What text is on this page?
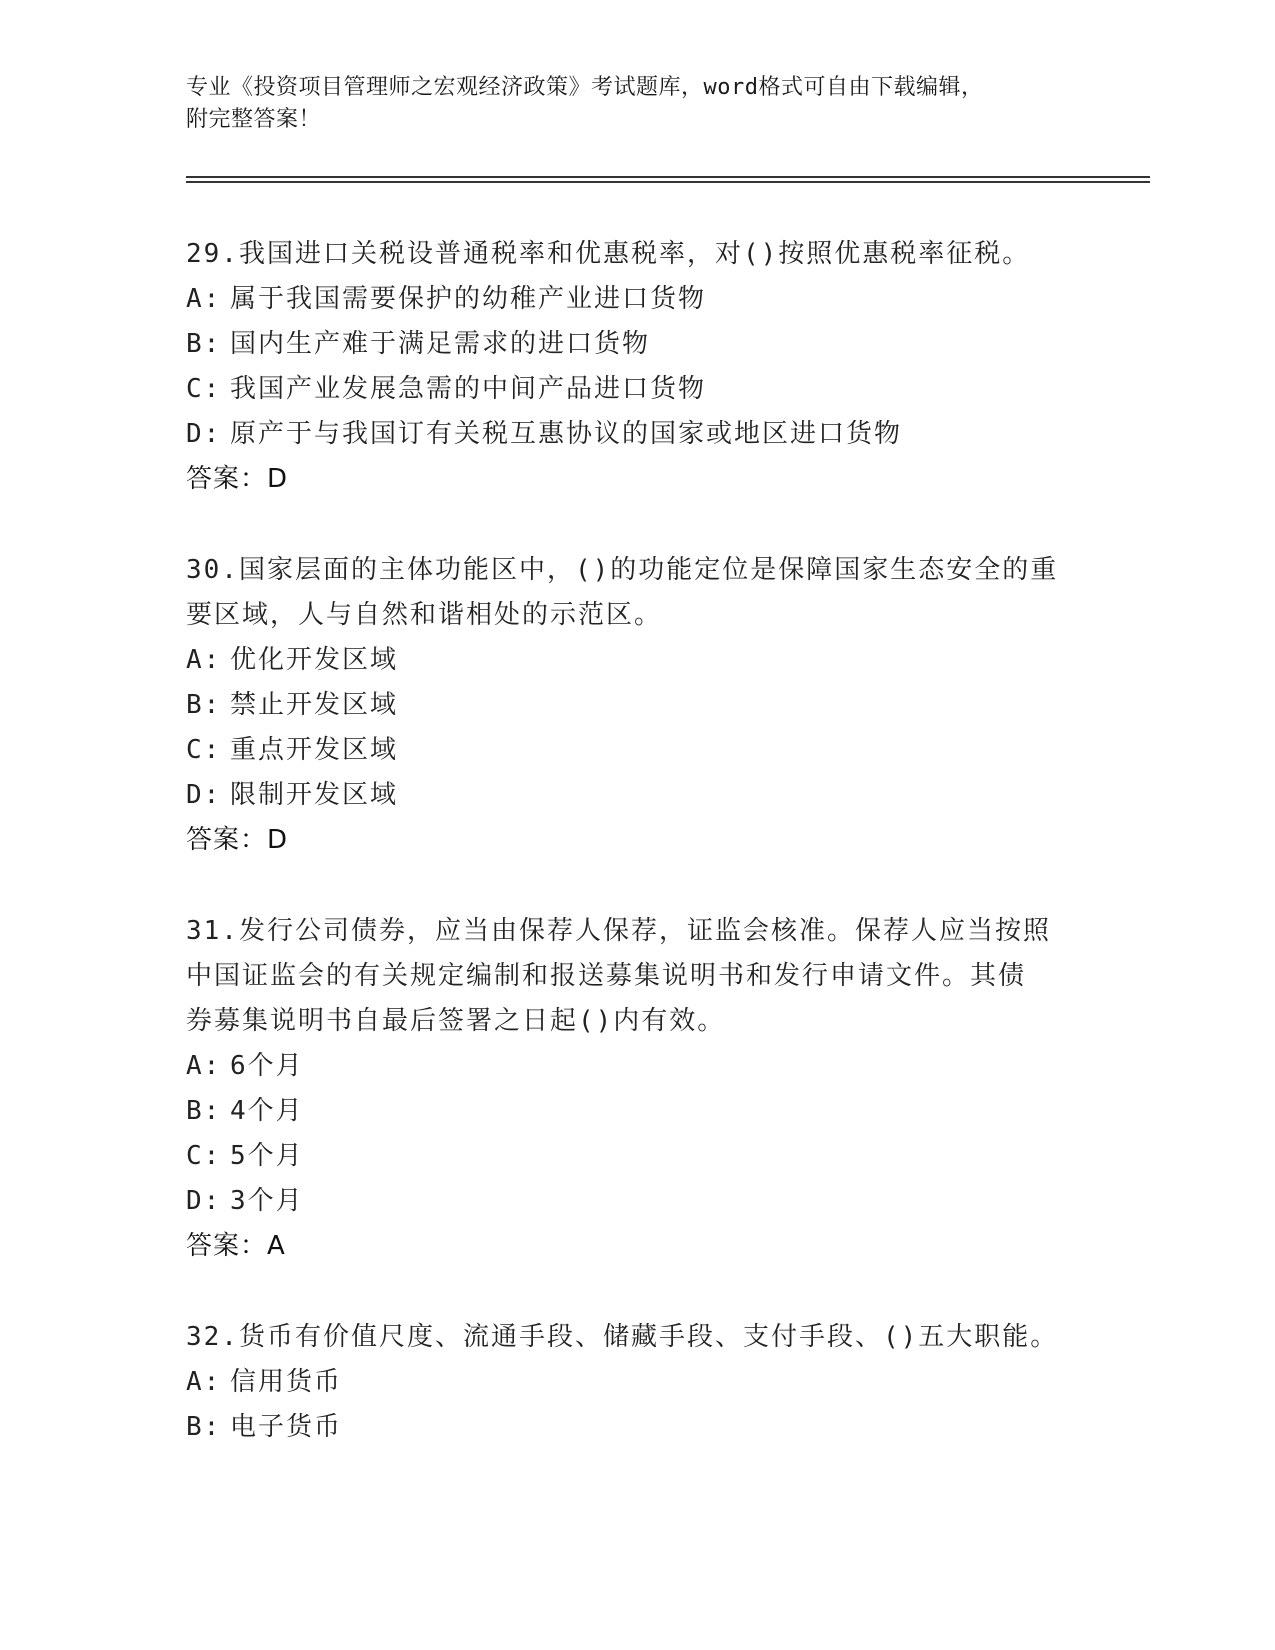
专业《投资项目管理师之宏观经济政策》考试题库，word格式可自由下载编辑，
附完整答案！
29.我国进口关税设普通税率和优惠税率，对()按照优惠税率征税。
A: 属于我国需要保护的幼稚产业进口货物
B: 国内生产难于满足需求的进口货物
C: 我国产业发展急需的中间产品进口货物
D: 原产于与我国订有关税互惠协议的国家或地区进口货物
答案：D
30.国家层面的主体功能区中，()的功能定位是保障国家生态安全的重
要区域，人与自然和谐相处的示范区。
A: 优化开发区域
B: 禁止开发区域
C: 重点开发区域
D: 限制开发区域
答案：D
31.发行公司债券，应当由保荐人保荐，证监会核准。保荐人应当按照
中国证监会的有关规定编制和报送募集说明书和发行申请文件。其债
券募集说明书自最后签署之日起()内有效。
A: 6个月
B: 4个月
C: 5个月
D: 3个月
答案：A
32.货币有价值尺度、流通手段、储藏手段、支付手段、()五大职能。
A: 信用货币
B: 电子货币
